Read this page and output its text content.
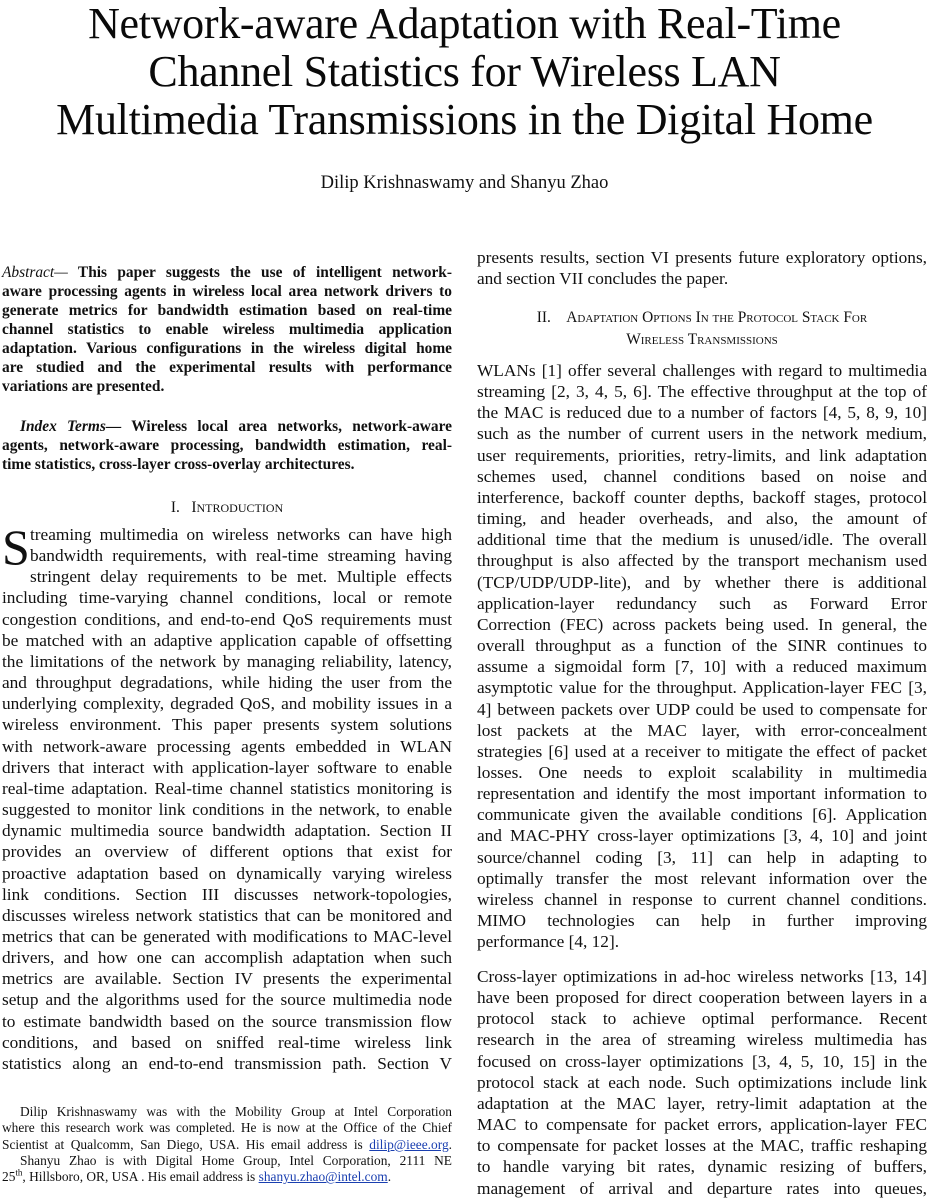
Network-aware Adaptation with Real-Time
Channel Statistics for Wireless LAN
Multimedia Transmissions in the Digital Home
Dilip Krishnaswamy and Shanyu Zhao
Abstract— This paper suggests the use of intelligent network-
aware processing agents in wireless local area network drivers to
generate metrics for bandwidth estimation based on real-time
channel statistics to enable wireless multimedia application
adaptation. Various configurations in the wireless digital home
are studied and the experimental results with performance
variations are presented.
Index Terms— Wireless local area networks, network-aware
agents, network-aware processing, bandwidth estimation, real-
time statistics, cross-layer cross-overlay architectures.
I. INTRODUCTION
S treaming multimedia on wireless networks can have high
bandwidth requirements, with real-time streaming having
stringent delay requirements to be met. Multiple effects
including time-varying channel conditions, local or remote
congestion conditions, and end-to-end QoS requirements must
be matched with an adaptive application capable of offsetting
the limitations of the network by managing reliability, latency,
and throughput degradations, while hiding the user from the
underlying complexity, degraded QoS, and mobility issues in a
wireless environment. This paper presents system solutions
with network-aware processing agents embedded in WLAN
drivers that interact with application-layer software to enable
real-time adaptation. Real-time channel statistics monitoring is
suggested to monitor link conditions in the network, to enable
dynamic multimedia source bandwidth adaptation. Section II
provides an overview of different options that exist for
proactive adaptation based on dynamically varying wireless
link conditions. Section III discusses network-topologies,
discusses wireless network statistics that can be monitored and
metrics that can be generated with modifications to MAC-level
drivers, and how one can accomplish adaptation when such
metrics are available. Section IV presents the experimental
setup and the algorithms used for the source multimedia node
to estimate bandwidth based on the source transmission flow
conditions, and based on sniffed real-time wireless link
statistics along an end-to-end transmission path. Section V
Dilip Krishnaswamy was with the Mobility Group at Intel Corporation
where this research work was completed. He is now at the Office of the Chief
Scientist at Qualcomm, San Diego, USA. His email address is dilip@ieee.org.
Shanyu Zhao is with Digital Home Group, Intel Corporation, 2111 NE
25th, Hillsboro, OR, USA . His email address is shanyu.zhao@intel.com.
presents results, section VI presents future exploratory options,
and section VII concludes the paper.
II. Adaptation Options In the Protocol Stack For
Wireless Transmissions
WLANs [1] offer several challenges with regard to multimedia
streaming [2, 3, 4, 5, 6]. The effective throughput at the top of
the MAC is reduced due to a number of factors [4, 5, 8, 9, 10]
such as the number of current users in the network medium,
user requirements, priorities, retry-limits, and link adaptation
schemes used, channel conditions based on noise and
interference, backoff counter depths, backoff stages, protocol
timing, and header overheads, and also, the amount of
additional time that the medium is unused/idle. The overall
throughput is also affected by the transport mechanism used
(TCP/UDP/UDP-lite), and by whether there is additional
application-layer redundancy such as Forward Error
Correction (FEC) across packets being used. In general, the
overall throughput as a function of the SINR continues to
assume a sigmoidal form [7, 10] with a reduced maximum
asymptotic value for the throughput. Application-layer FEC [3,
4] between packets over UDP could be used to compensate for
lost packets at the MAC layer, with error-concealment
strategies [6] used at a receiver to mitigate the effect of packet
losses. One needs to exploit scalability in multimedia
representation and identify the most important information to
communicate given the available conditions [6]. Application
and MAC-PHY cross-layer optimizations [3, 4, 10] and joint
source/channel coding [3, 11] can help in adapting to
optimally transfer the most relevant information over the
wireless channel in response to current channel conditions.
MIMO technologies can help in further improving
performance [4, 12].
Cross-layer optimizations in ad-hoc wireless networks [13, 14]
have been proposed for direct cooperation between layers in a
protocol stack to achieve optimal performance. Recent
research in the area of streaming wireless multimedia has
focused on cross-layer optimizations [3, 4, 5, 10, 15] in the
protocol stack at each node. Such optimizations include link
adaptation at the MAC layer, retry-limit adaptation at the
MAC to compensate for packet errors, application-layer FEC
to compensate for packet losses at the MAC, traffic reshaping
to handle varying bit rates, dynamic resizing of buffers,
management of arrival and departure rates into queues,
